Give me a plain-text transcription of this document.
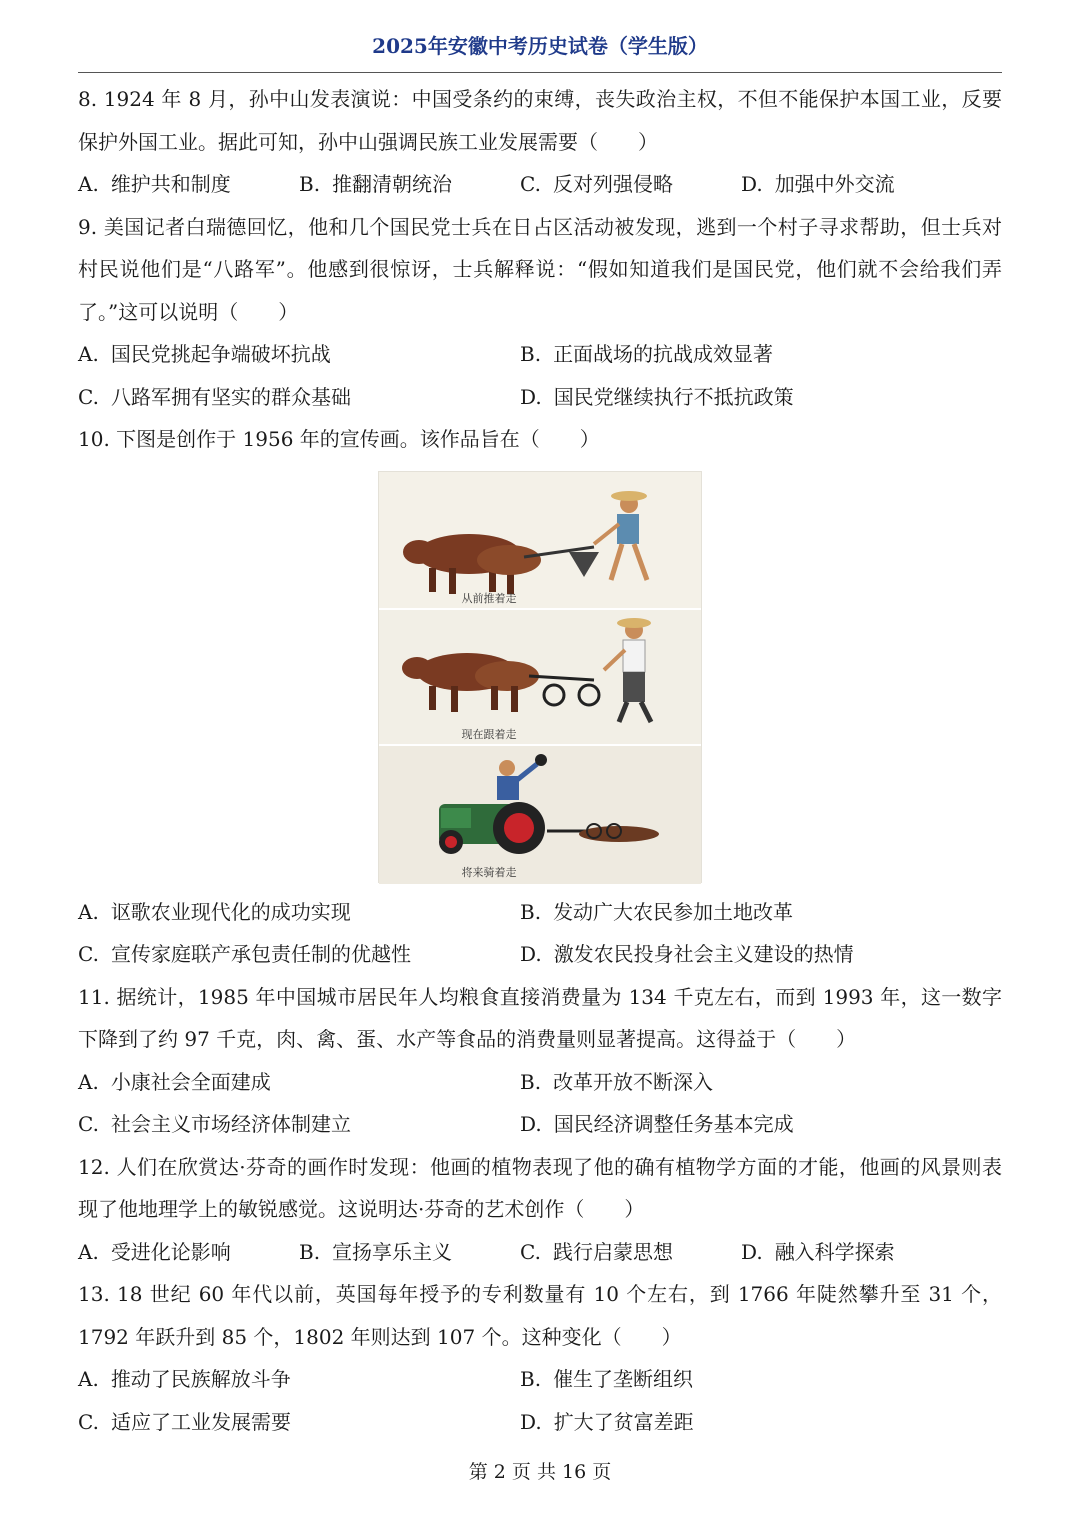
2025年安徽中考历史试卷（学生版）

8. 1924 年 8 月，孙中山发表演说：中国受条约的束缚，丧失政治主权，不但不能保护本国工业，反要保护外国工业。据此可知，孙中山强调民族工业发展需要（　　）

A. 维护共和制度	B. 推翻清朝统治	C. 反对列强侵略	D. 加强中外交流

9. 美国记者白瑞德回忆，他和几个国民党士兵在日占区活动被发现，逃到一个村子寻求帮助，但士兵对村民说他们是“八路军”。他感到很惊讶，士兵解释说：“假如知道我们是国民党，他们就不会给我们弄了。”这可以说明（　　）

A. 国民党挑起争端破坏抗战	B. 正面战场的抗战成效显著
C. 八路军拥有坚实的群众基础	D. 国民党继续执行不抵抗政策

10. 下图是创作于 1956 年的宣传画。该作品旨在（　　）

从前推着走
现在跟着走
将来骑着走
A. 讴歌农业现代化的成功实现	B. 发动广大农民参加土地改革
C. 宣传家庭联产承包责任制的优越性	D. 激发农民投身社会主义建设的热情

11. 据统计，1985 年中国城市居民年人均粮食直接消费量为 134 千克左右，而到 1993 年，这一数字下降到了约 97 千克，肉、禽、蛋、水产等食品的消费量则显著提高。这得益于（　　）

A. 小康社会全面建成	B. 改革开放不断深入
C. 社会主义市场经济体制建立	D. 国民经济调整任务基本完成

12. 人们在欣赏达·芬奇的画作时发现：他画的植物表现了他的确有植物学方面的才能，他画的风景则表现了他地理学上的敏锐感觉。这说明达·芬奇的艺术创作（　　）

A. 受进化论影响	B. 宣扬享乐主义	C. 践行启蒙思想	D. 融入科学探索

13. 18 世纪 60 年代以前，英国每年授予的专利数量有 10 个左右，到 1766 年陡然攀升至 31 个，1792 年跃升到 85 个，1802 年则达到 107 个。这种变化（　　）

A. 推动了民族解放斗争	B. 催生了垄断组织
C. 适应了工业发展需要	D. 扩大了贫富差距
第 2 页 共 16 页
